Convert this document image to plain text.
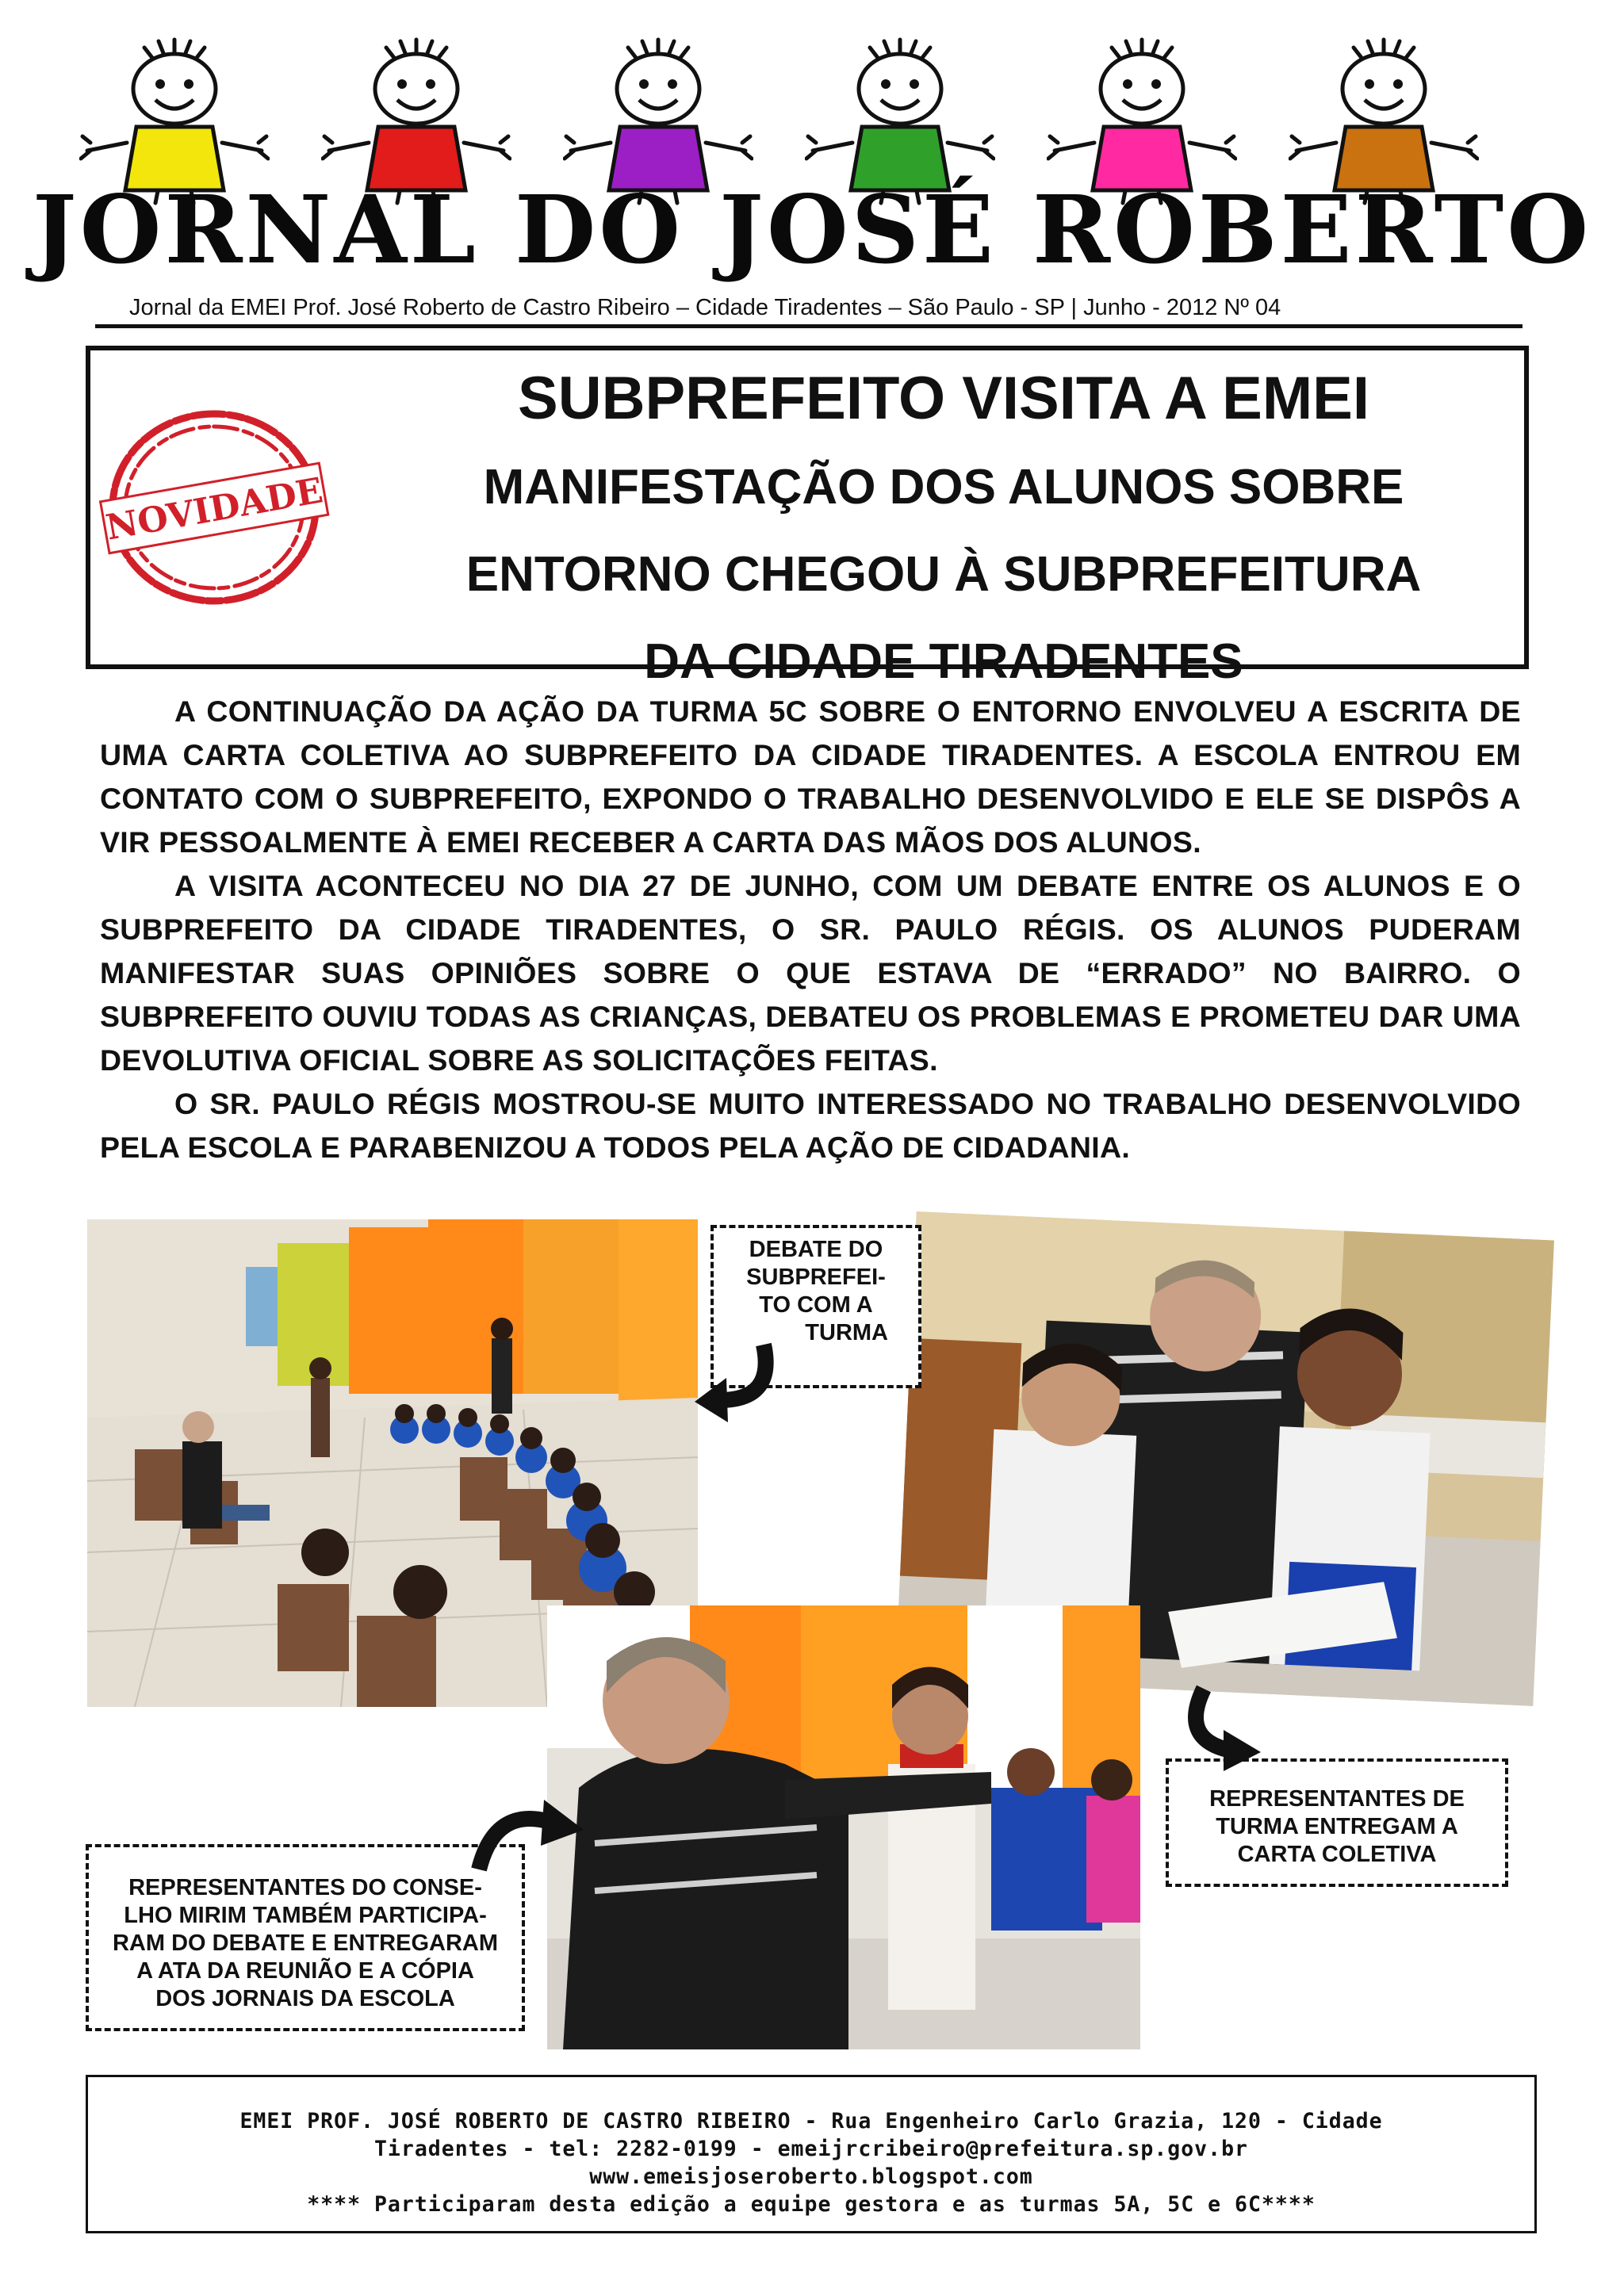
JORNAL DO JOSÉ ROBERTO
Jornal da EMEI Prof. José Roberto de Castro Ribeiro – Cidade Tiradentes – São Paulo - SP | Junho - 2012 Nº 04
NOVIDADE
SUBPREFEITO VISITA A EMEI
MANIFESTAÇÃO DOS ALUNOS SOBRE
ENTORNO CHEGOU À SUBPREFEITURA
DA CIDADE TIRADENTES

A CONTINUAÇÃO DA AÇÃO DA TURMA 5C SOBRE O ENTORNO ENVOLVEU A ESCRITA DE UMA CARTA COLETIVA AO SUBPREFEITO DA CIDADE TIRADENTES. A ESCOLA ENTROU EM CONTATO COM O SUBPREFEITO, EXPONDO O TRABALHO DESENVOLVIDO E ELE SE DISPÔS A VIR PESSOALMENTE À EMEI RECEBER A CARTA DAS MÃOS DOS ALUNOS.

A VISITA ACONTECEU NO DIA 27 DE JUNHO, COM UM DEBATE ENTRE OS ALUNOS E O SUBPREFEITO DA CIDADE TIRADENTES, O SR. PAULO RÉGIS. OS ALUNOS PUDERAM MANIFESTAR SUAS OPINIÕES SOBRE O QUE ESTAVA DE “ERRADO” NO BAIRRO. O SUBPREFEITO OUVIU TODAS AS CRIANÇAS, DEBATEU OS PROBLEMAS E PROMETEU DAR UMA DEVOLUTIVA OFICIAL SOBRE AS SOLICITAÇÕES FEITAS.

O SR. PAULO RÉGIS MOSTROU-SE MUITO INTERESSADO NO TRABALHO DESENVOLVIDO PELA ESCOLA E PARABENIZOU A TODOS PELA AÇÃO DE CIDADANIA.

DEBATE DO
SUBPREFEI-
TO COM A
TURMA
REPRESENTANTES DE
TURMA ENTREGAM A
CARTA COLETIVA
REPRESENTANTES DO CONSE-
LHO MIRIM TAMBÉM PARTICIPA-
RAM DO DEBATE E ENTREGARAM
A ATA DA REUNIÃO E A CÓPIA
DOS JORNAIS DA ESCOLA
EMEI PROF. JOSÉ ROBERTO DE CASTRO RIBEIRO - Rua Engenheiro Carlo Grazia, 120 - Cidade
Tiradentes - tel: 2282-0199 - emeijrcribeiro@prefeitura.sp.gov.br
www.emeisjoseroberto.blogspot.com
**** Participaram desta edição a equipe gestora e as turmas 5A, 5C e 6C****
